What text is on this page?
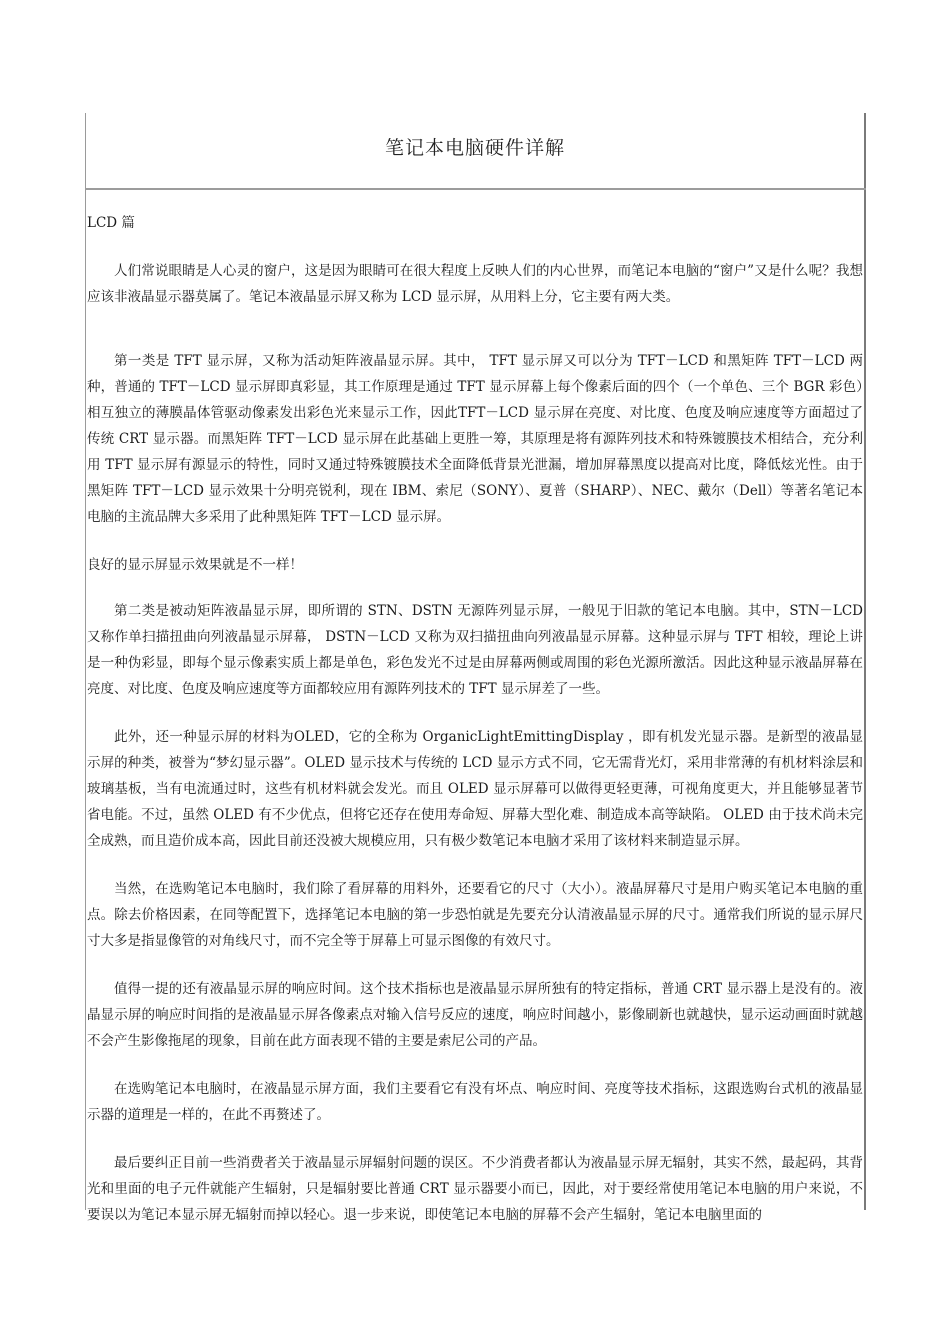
笔记本电脑硬件详解

LCD 篇

人们常说眼睛是人心灵的窗户，这是因为眼睛可在很大程度上反映人们的内心世界，而笔记本电脑的“窗户”又是什么呢？我想应该非液晶显示器莫属了。笔记本液晶显示屏又称为 LCD 显示屏，从用料上分，它主要有两大类。

第一类是 TFT 显示屏，又称为活动矩阵液晶显示屏。其中， TFT 显示屏又可以分为 TFT－LCD 和黑矩阵 TFT－LCD 两种，普通的 TFT－LCD 显示屏即真彩显，其工作原理是通过 TFT 显示屏幕上每个像素后面的四个（一个单色、三个 BGR 彩色）相互独立的薄膜晶体管驱动像素发出彩色光来显示工作，因此TFT－LCD 显示屏在亮度、对比度、色度及响应速度等方面超过了传统 CRT 显示器。而黑矩阵 TFT－LCD 显示屏在此基础上更胜一筹，其原理是将有源阵列技术和特殊镀膜技术相结合，充分利用 TFT 显示屏有源显示的特性，同时又通过特殊镀膜技术全面降低背景光泄漏，增加屏幕黑度以提高对比度，降低炫光性。由于黑矩阵 TFT－LCD 显示效果十分明亮锐利，现在 IBM、索尼（SONY）、夏普（SHARP）、NEC、戴尔（Dell）等著名笔记本电脑的主流品牌大多采用了此种黑矩阵 TFT－LCD 显示屏。

良好的显示屏显示效果就是不一样！

第二类是被动矩阵液晶显示屏，即所谓的 STN、DSTN 无源阵列显示屏，一般见于旧款的笔记本电脑。其中，STN－LCD 又称作单扫描扭曲向列液晶显示屏幕， DSTN－LCD 又称为双扫描扭曲向列液晶显示屏幕。这种显示屏与 TFT 相较，理论上讲是一种伪彩显，即每个显示像素实质上都是单色，彩色发光不过是由屏幕两侧或周围的彩色光源所激活。因此这种显示液晶屏幕在亮度、对比度、色度及响应速度等方面都较应用有源阵列技术的 TFT 显示屏差了一些。

此外，还一种显示屏的材料为OLED，它的全称为 OrganicLightEmittingDisplay ，即有机发光显示器。是新型的液晶显示屏的种类，被誉为“梦幻显示器”。OLED 显示技术与传统的 LCD 显示方式不同，它无需背光灯，采用非常薄的有机材料涂层和玻璃基板，当有电流通过时，这些有机材料就会发光。而且 OLED 显示屏幕可以做得更轻更薄，可视角度更大，并且能够显著节省电能。不过，虽然 OLED 有不少优点，但将它还存在使用寿命短、屏幕大型化难、制造成本高等缺陷。 OLED 由于技术尚未完全成熟，而且造价成本高，因此目前还没被大规模应用，只有极少数笔记本电脑才采用了该材料来制造显示屏。

当然，在选购笔记本电脑时，我们除了看屏幕的用料外，还要看它的尺寸（大小）。液晶屏幕尺寸是用户购买笔记本电脑的重点。除去价格因素，在同等配置下，选择笔记本电脑的第一步恐怕就是先要充分认清液晶显示屏的尺寸。通常我们所说的显示屏尺寸大多是指显像管的对角线尺寸，而不完全等于屏幕上可显示图像的有效尺寸。

值得一提的还有液晶显示屏的响应时间。这个技术指标也是液晶显示屏所独有的特定指标，普通 CRT 显示器上是没有的。液晶显示屏的响应时间指的是液晶显示屏各像素点对输入信号反应的速度，响应时间越小，影像刷新也就越快，显示运动画面时就越不会产生影像拖尾的现象，目前在此方面表现不错的主要是索尼公司的产品。

在选购笔记本电脑时，在液晶显示屏方面，我们主要看它有没有坏点、响应时间、亮度等技术指标，这跟选购台式机的液晶显示器的道理是一样的，在此不再赘述了。

最后要纠正目前一些消费者关于液晶显示屏辐射问题的误区。不少消费者都认为液晶显示屏无辐射，其实不然，最起码，其背光和里面的电子元件就能产生辐射，只是辐射要比普通 CRT 显示器要小而已，因此，对于要经常使用笔记本电脑的用户来说，不要误以为笔记本显示屏无辐射而掉以轻心。退一步来说，即使笔记本电脑的屏幕不会产生辐射，笔记本电脑里面的
